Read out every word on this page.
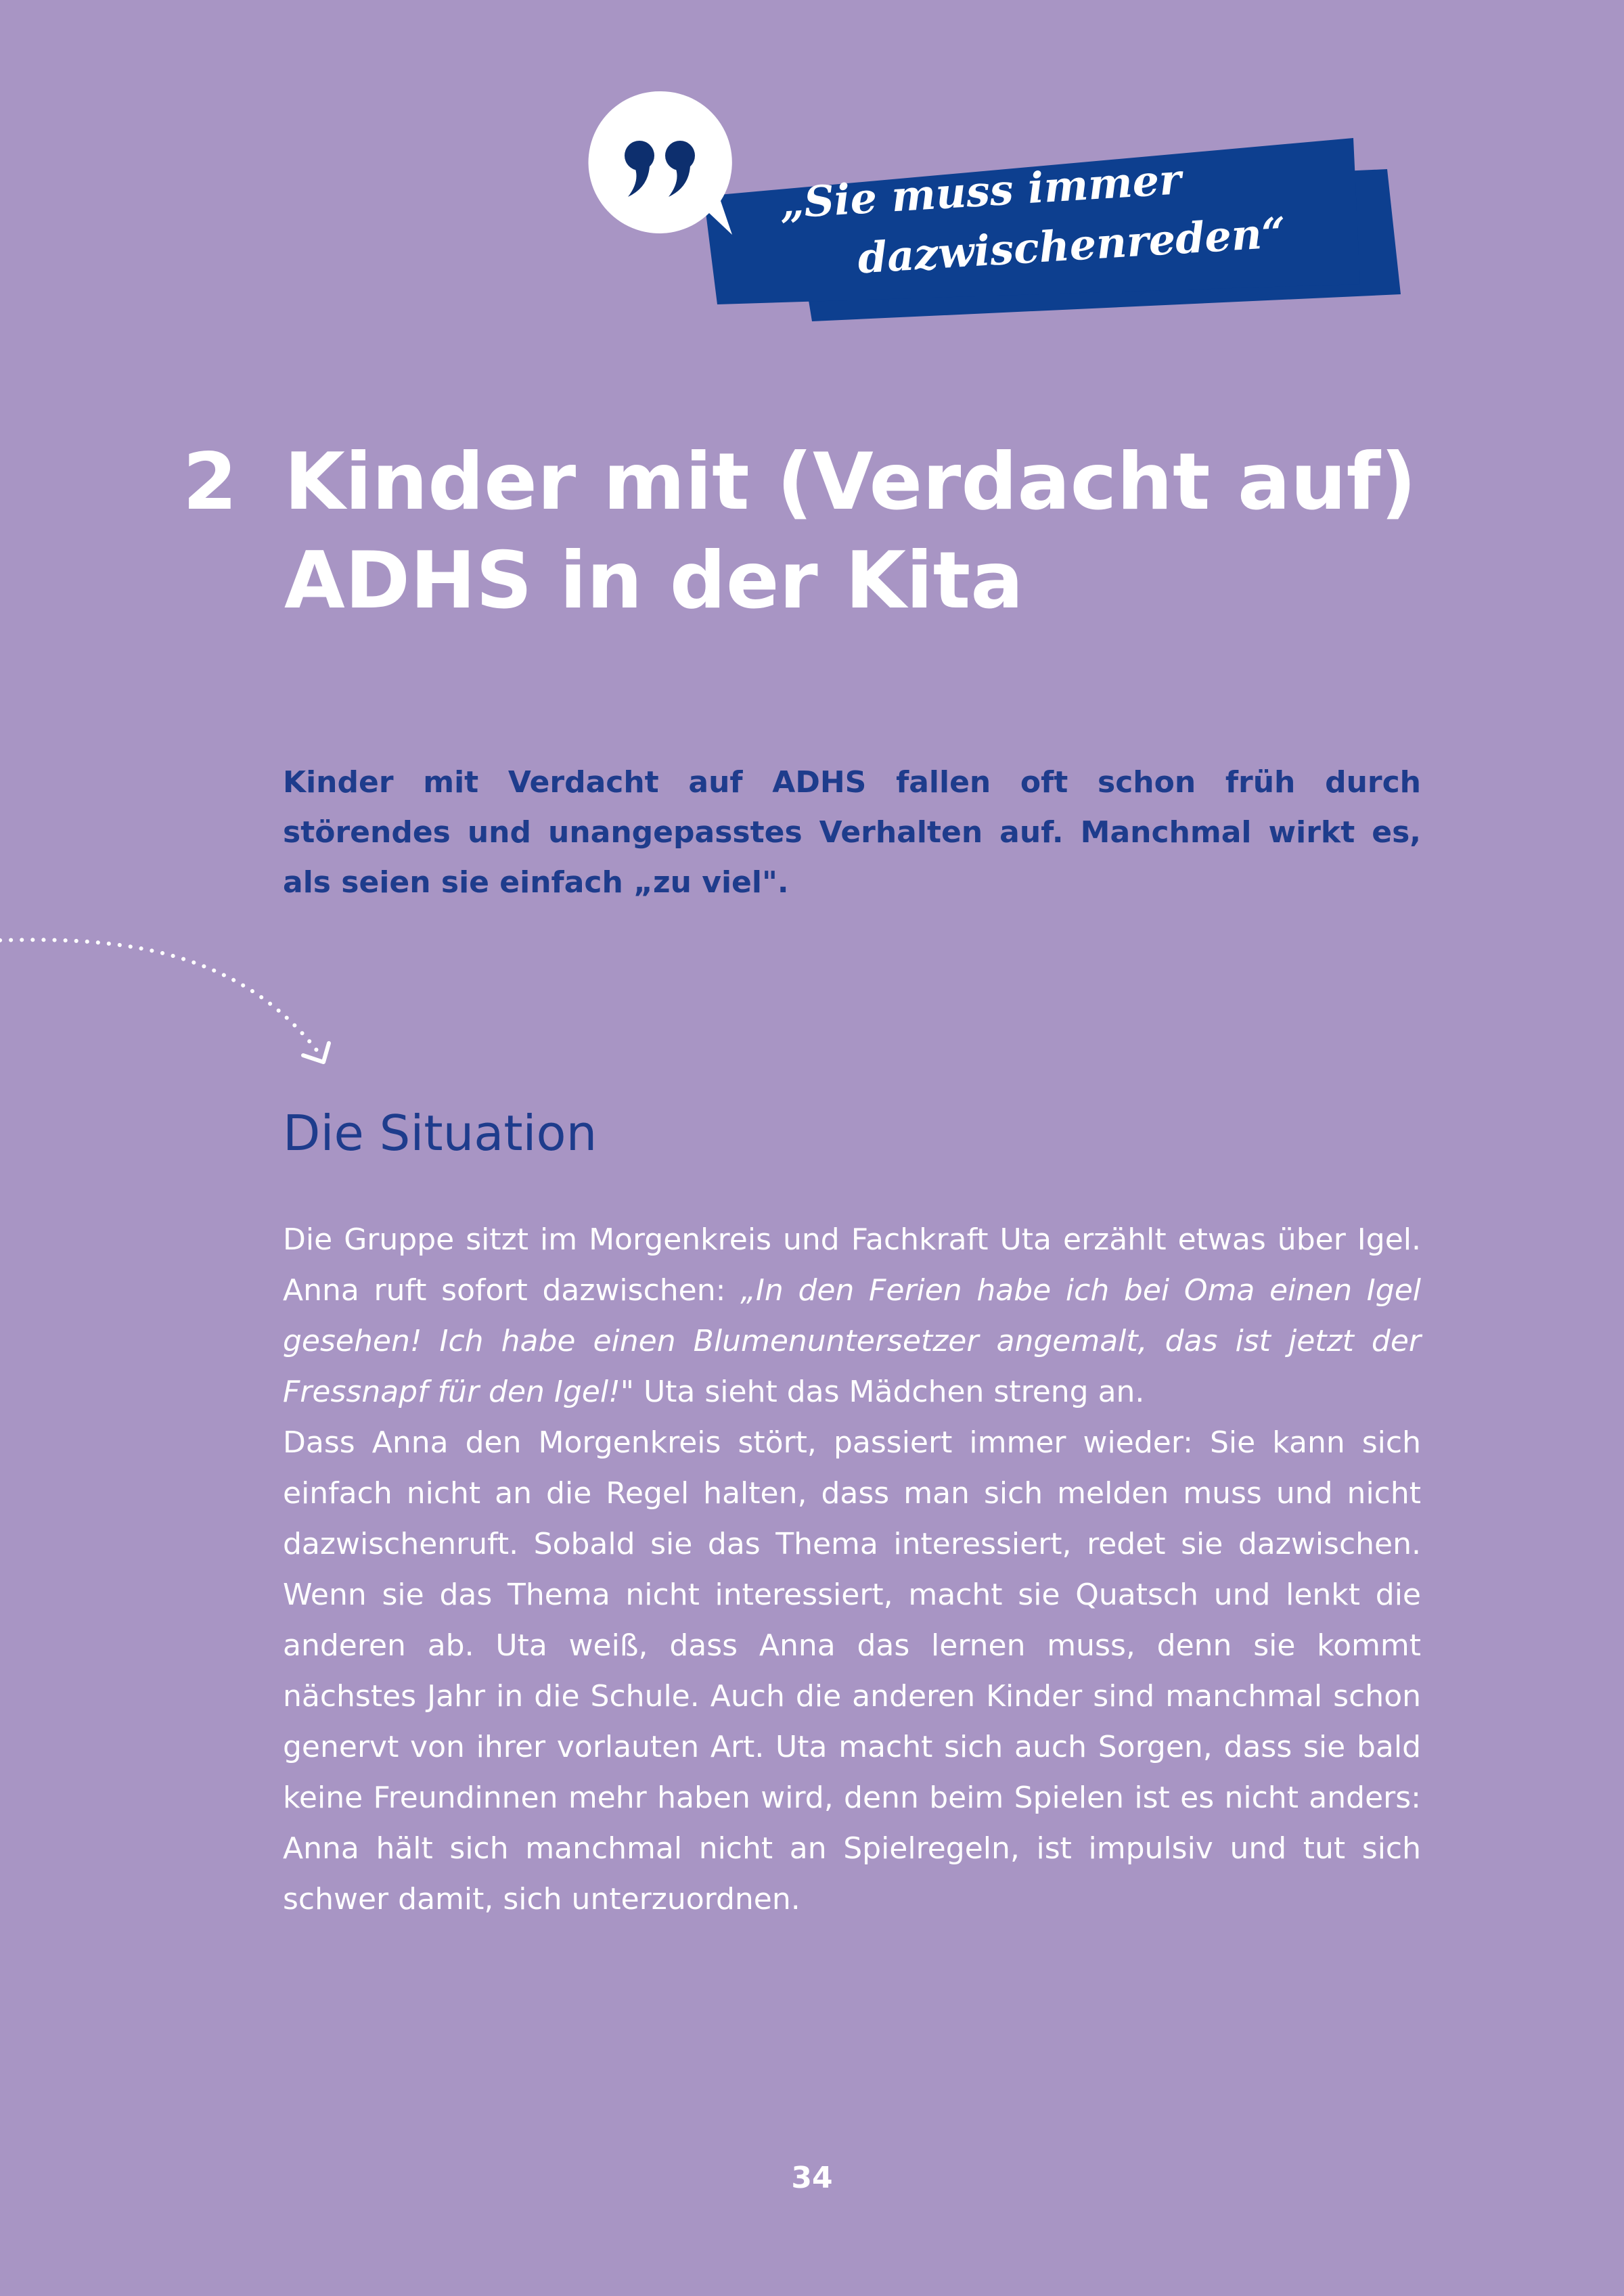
„Sie muss immer
dazwischenreden“

2 Kinder mit (Verdacht auf)
ADHS in der Kita

Kinder mit Verdacht auf ADHS fallen oft schon früh durch störendes und unangepasstes Verhalten auf. Manchmal wirkt es, als seien sie einfach „zu viel".

Die Situation

Die Gruppe sitzt im Morgenkreis und Fachkraft Uta erzählt etwas über Igel. Anna ruft sofort dazwischen: „In den Ferien habe ich bei Oma einen Igel gesehen! Ich habe einen Blumenuntersetzer angemalt, das ist jetzt der Fressnapf für den Igel!" Uta sieht das Mädchen streng an.

Dass Anna den Morgenkreis stört, passiert immer wieder: Sie kann sich einfach nicht an die Regel halten, dass man sich melden muss und nicht dazwischenruft. Sobald sie das Thema interessiert, redet sie dazwischen. Wenn sie das Thema nicht interessiert, macht sie Quatsch und lenkt die anderen ab. Uta weiß, dass Anna das lernen muss, denn sie kommt nächstes Jahr in die Schule. Auch die anderen Kinder sind manchmal schon genervt von ihrer vorlauten Art. Uta macht sich auch Sorgen, dass sie bald keine Freundinnen mehr haben wird, denn beim Spielen ist es nicht anders: Anna hält sich manchmal nicht an Spielregeln, ist impulsiv und tut sich schwer damit, sich unterzuordnen.

34
